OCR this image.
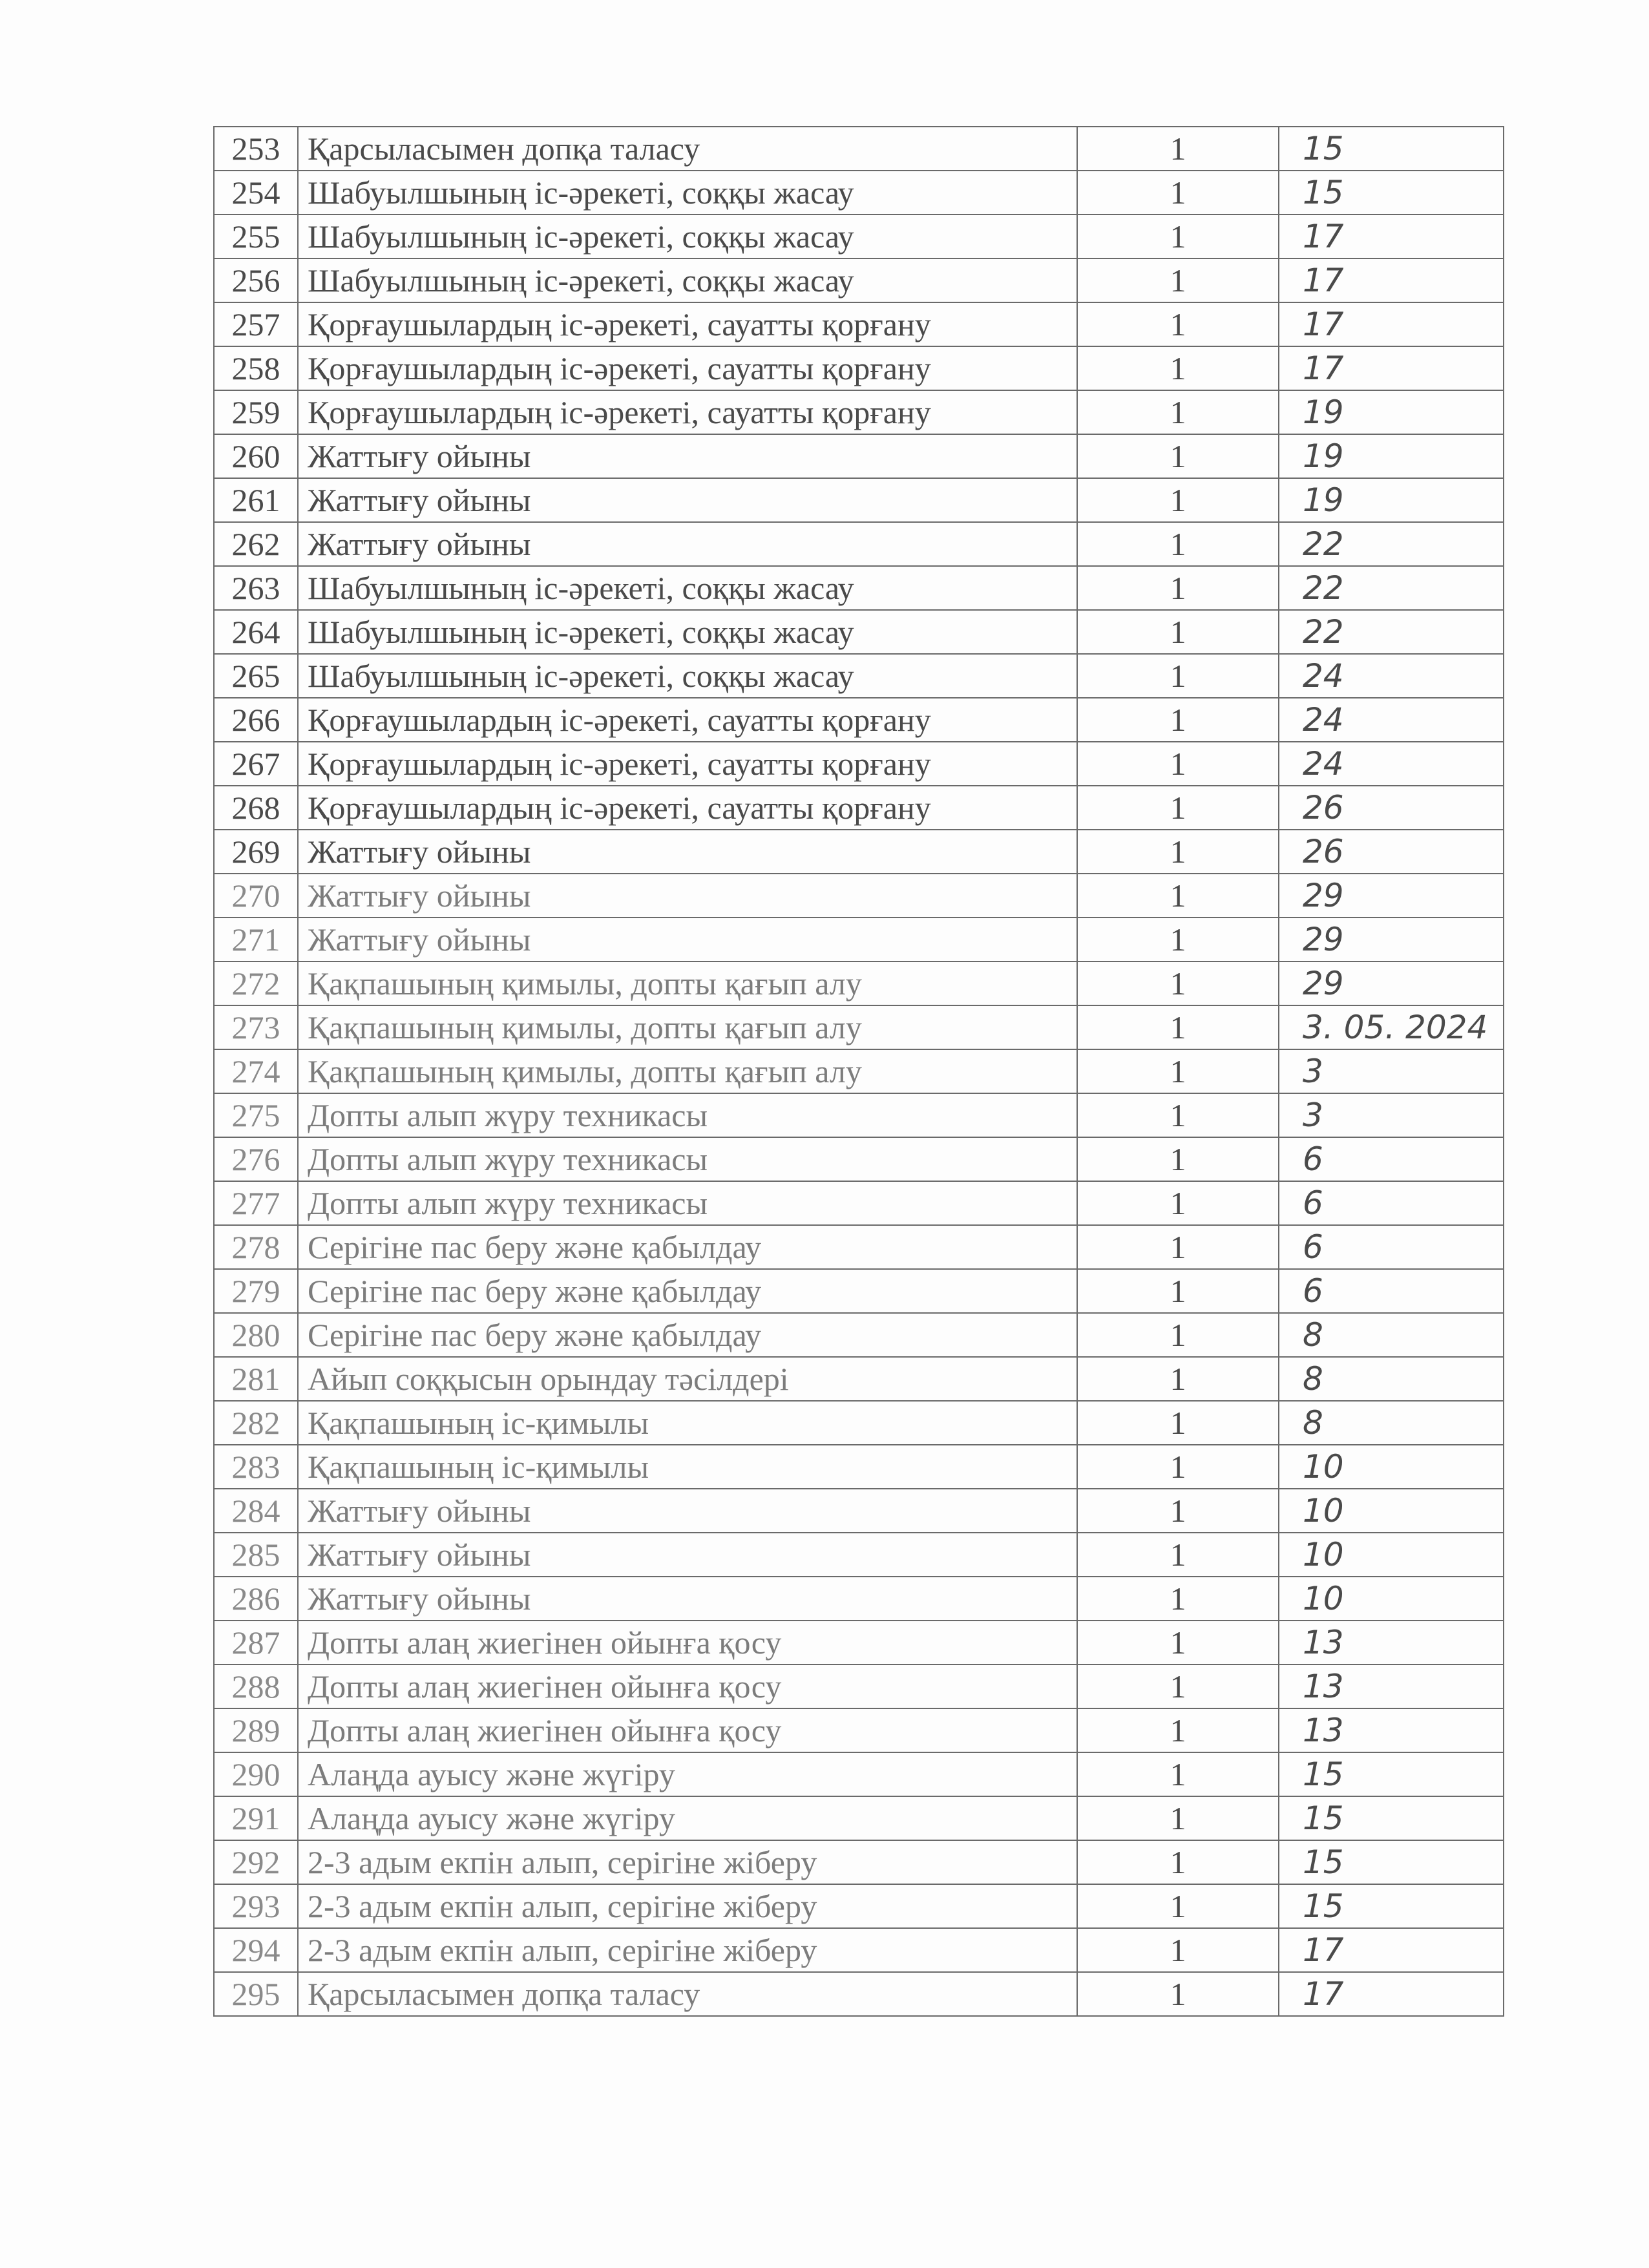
253	Қарсыласымен допқа таласу	1	15
254	Шабуылшының іс-әрекеті, соққы жасау	1	15
255	Шабуылшының іс-әрекеті, соққы жасау	1	17
256	Шабуылшының іс-әрекеті, соққы жасау	1	17
257	Қорғаушылардың іс-әрекеті, сауатты қорғану	1	17
258	Қорғаушылардың іс-әрекеті, сауатты қорғану	1	17
259	Қорғаушылардың іс-әрекеті, сауатты қорғану	1	19
260	Жаттығу ойыны	1	19
261	Жаттығу ойыны	1	19
262	Жаттығу ойыны	1	22
263	Шабуылшының іс-әрекеті, соққы жасау	1	22
264	Шабуылшының іс-әрекеті, соққы жасау	1	22
265	Шабуылшының іс-әрекеті, соққы жасау	1	24
266	Қорғаушылардың іс-әрекеті, сауатты қорғану	1	24
267	Қорғаушылардың іс-әрекеті, сауатты қорғану	1	24
268	Қорғаушылардың іс-әрекеті, сауатты қорғану	1	26
269	Жаттығу ойыны	1	26
270	Жаттығу ойыны	1	29
271	Жаттығу ойыны	1	29
272	Қақпашының қимылы, допты қағып алу	1	29
273	Қақпашының қимылы, допты қағып алу	1	3. 05. 2024
274	Қақпашының қимылы, допты қағып алу	1	3
275	Допты алып жүру техникасы	1	3
276	Допты алып жүру техникасы	1	6
277	Допты алып жүру техникасы	1	6
278	Серігіне пас беру және қабылдау	1	6
279	Серігіне пас беру және қабылдау	1	6
280	Серігіне пас беру және қабылдау	1	8
281	Айып соққысын орындау тәсілдері	1	8
282	Қақпашының іс-қимылы	1	8
283	Қақпашының іс-қимылы	1	10
284	Жаттығу ойыны	1	10
285	Жаттығу ойыны	1	10
286	Жаттығу ойыны	1	10
287	Допты алаң жиегінен ойынға қосу	1	13
288	Допты алаң жиегінен ойынға қосу	1	13
289	Допты алаң жиегінен ойынға қосу	1	13
290	Алаңда ауысу және жүгіру	1	15
291	Алаңда ауысу және жүгіру	1	15
292	2-3 адым екпін алып, серігіне жіберу	1	15
293	2-3 адым екпін алып, серігіне жіберу	1	15
294	2-3 адым екпін алып, серігіне жіберу	1	17
295	Қарсыласымен допқа таласу	1	17
